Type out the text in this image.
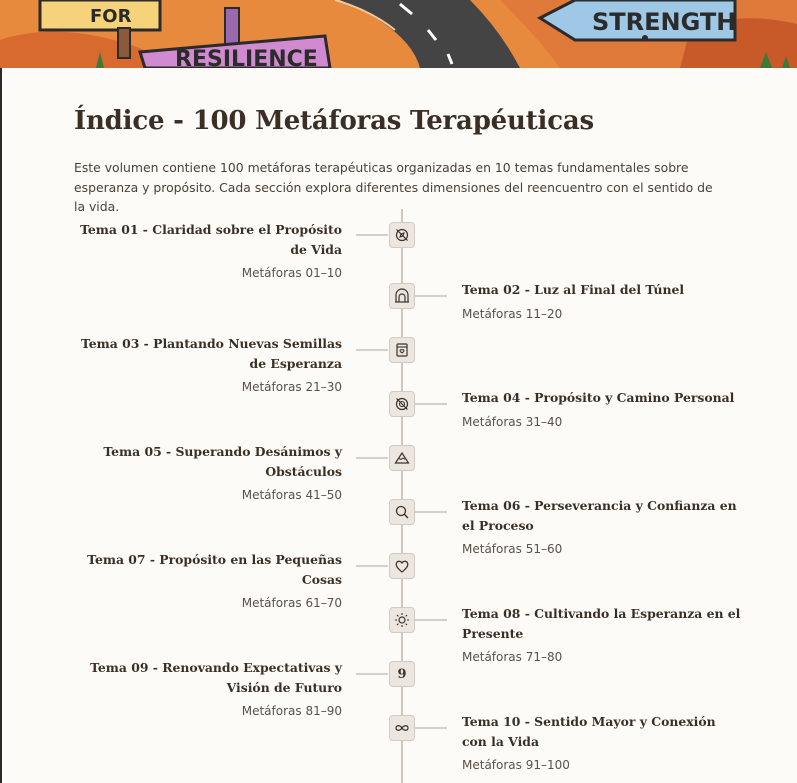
FOR
RESILIENCE
STRENGTH
Índice - 100 Metáforas Terapéuticas

Este volumen contiene 100 metáforas terapéuticas organizadas en 10 temas fundamentales sobre esperanza y propósito. Cada sección explora diferentes dimensiones del reencuentro con el sentido de la vida.

Tema 01 - Claridad sobre el Propósito de Vida
Metáforas 01–10
Tema 02 - Luz al Final del Túnel
Metáforas 11–20
Tema 03 - Plantando Nuevas Semillas de Esperanza
Metáforas 21–30
Tema 04 - Propósito y Camino Personal
Metáforas 31–40
Tema 05 - Superando Desánimos y Obstáculos
Metáforas 41–50
Tema 06 - Perseverancia y Confianza en el Proceso
Metáforas 51–60
Tema 07 - Propósito en las Pequeñas Cosas
Metáforas 61–70
Tema 08 - Cultivando la Esperanza en el Presente
Metáforas 71–80
Tema 09 - Renovando Expectativas y Visión de Futuro
Metáforas 81–90
9
Tema 10 - Sentido Mayor y Conexión con la Vida
Metáforas 91–100
